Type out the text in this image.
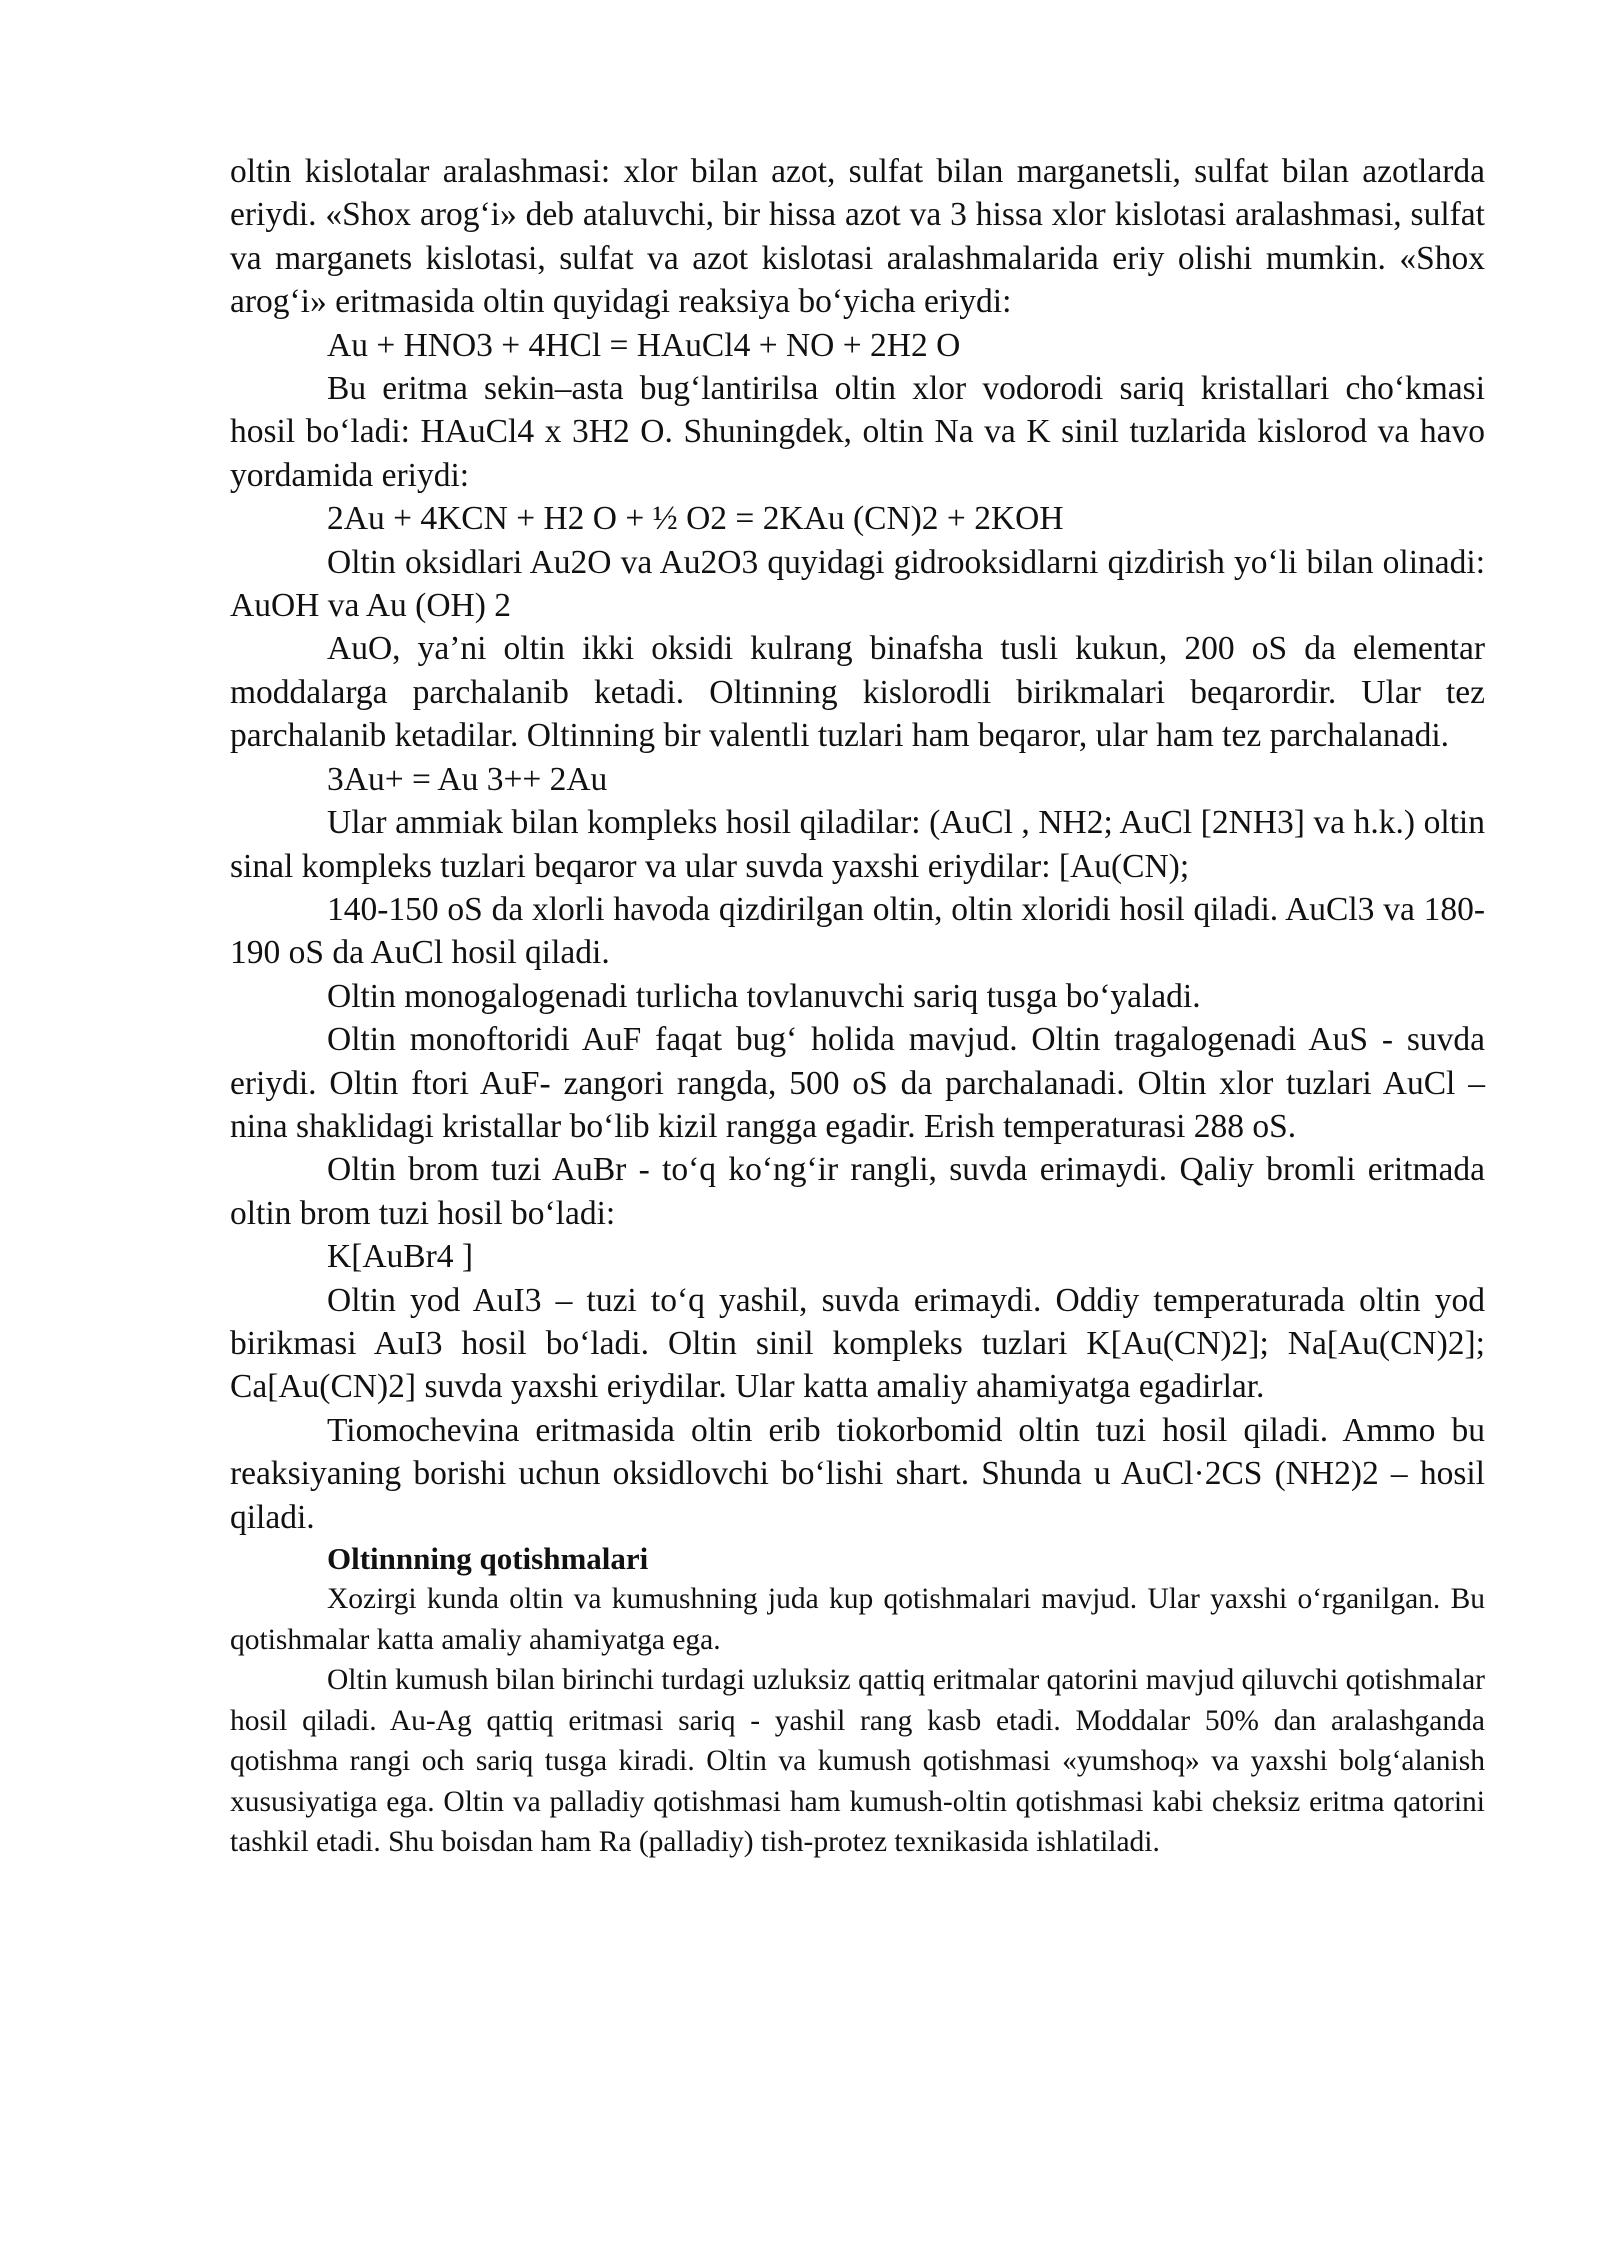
oltin kislotalar aralashmasi: xlor bilan azot, sulfat bilan marganetsli, sulfat bilan azotlarda eriydi. «Shox arog‘i» deb ataluvchi, bir hissa azot va 3 hissa xlor kislotasi aralashmasi, sulfat va marganets kislotasi, sulfat va azot kislotasi aralashmalarida eriy olishi mumkin. «Shox arog‘i» eritmasida oltin quyidagi reaksiya bo‘yicha eriydi:

Au + HNO3 + 4HCl = HAuCl4 + NO + 2H2 O

Bu eritma sekin–asta bug‘lantirilsa oltin xlor vodorodi sariq kristallari cho‘kmasi hosil bo‘ladi: HAuCl4 x 3H2 O. Shuningdek, oltin Na va K sinil tuzlarida kislorod va havo yordamida eriydi:

2Au + 4KCN + H2 O + ½ O2 = 2KAu (CN)2 + 2KOH

Oltin oksidlari Au2O va Au2O3 quyidagi gidrooksidlarni qizdirish yo‘li bilan olinadi: AuOH va Au (OH) 2

AuO, ya’ni oltin ikki oksidi kulrang binafsha tusli kukun, 200 oS da elementar moddalarga parchalanib ketadi. Oltinning kislorodli birikmalari beqarordir. Ular tez parchalanib ketadilar. Oltinning bir valentli tuzlari ham beqaror, ular ham tez parchalanadi.

3Au+ = Au 3++ 2Au

Ular ammiak bilan kompleks hosil qiladilar: (AuCl , NH2; AuCl [2NH3] va h.k.) oltin sinal kompleks tuzlari beqaror va ular suvda yaxshi eriydilar: [Au(CN);

140-150 oS da xlorli havoda qizdirilgan oltin, oltin xloridi hosil qiladi. AuCl3 va 180-190 oS da AuCl hosil qiladi.

Oltin monogalogenadi turlicha tovlanuvchi sariq tusga bo‘yaladi.

Oltin monoftoridi AuF faqat bug‘ holida mavjud. Oltin tragalogenadi AuS - suvda eriydi. Oltin ftori AuF- zangori rangda, 500 oS da parchalanadi. Oltin xlor tuzlari AuCl – nina shaklidagi kristallar bo‘lib kizil rangga egadir. Erish temperaturasi 288 oS.

Oltin brom tuzi AuBr - to‘q ko‘ng‘ir rangli, suvda erimaydi. Qaliy bromli eritmada oltin brom tuzi hosil bo‘ladi:

K[AuBr4 ]

Oltin yod AuI3 – tuzi to‘q yashil, suvda erimaydi. Oddiy temperaturada oltin yod birikmasi AuI3 hosil bo‘ladi. Oltin sinil kompleks tuzlari K[Au(CN)2]; Na[Au(CN)2]; Ca[Au(CN)2] suvda yaxshi eriydilar. Ular katta amaliy ahamiyatga egadirlar.

Tiomochevina eritmasida oltin erib tiokorbomid oltin tuzi hosil qiladi. Ammo bu reaksiyaning borishi uchun oksidlovchi bo‘lishi shart. Shunda u AuCl·2CS (NH2)2 – hosil qiladi.

Oltinnning qotishmalari

Xozirgi kunda oltin va kumushning juda kup qotishmalari mavjud. Ular yaxshi o‘rganilgan. Bu qotishmalar katta amaliy ahamiyatga ega.

Oltin kumush bilan birinchi turdagi uzluksiz qattiq eritmalar qatorini mavjud qiluvchi qotishmalar hosil qiladi. Au-Ag qattiq eritmasi sariq - yashil rang kasb etadi. Moddalar 50% dan aralashganda qotishma rangi och sariq tusga kiradi. Oltin va kumush qotishmasi «yumshoq» va yaxshi bolg‘alanish xususiyatiga ega. Oltin va palladiy qotishmasi ham kumush-oltin qotishmasi kabi cheksiz eritma qatorini tashkil etadi. Shu boisdan ham Ra (palladiy) tish-protez texnikasida ishlatiladi.
